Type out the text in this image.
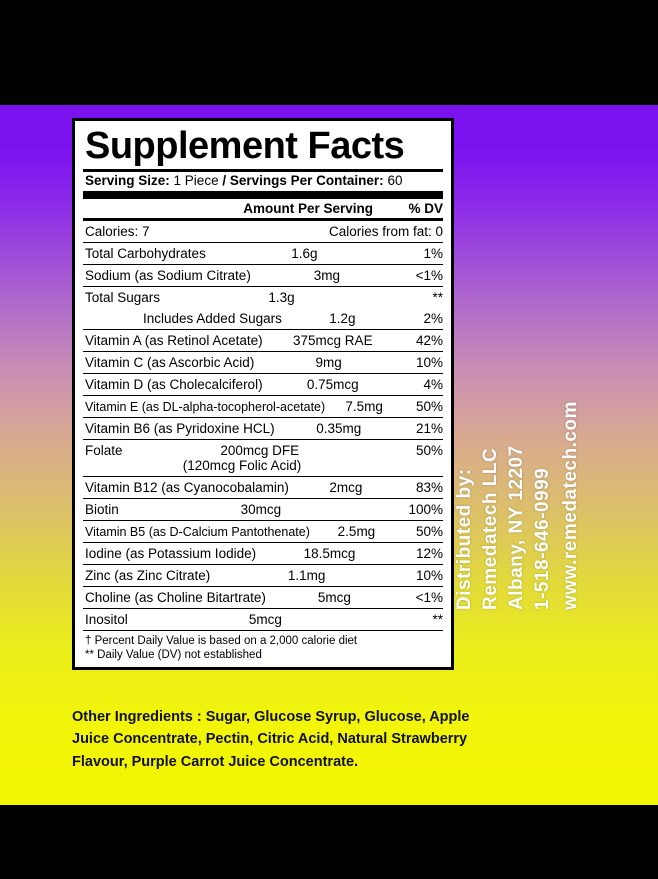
Supplement Facts
Serving Size: 1 Piece / Servings Per Container: 60
Amount Per Serving	% DV
Calories: 7	Calories from fat: 0
Total Carbohydrates	1.6g	1%
Sodium (as Sodium Citrate)	3mg	<1%
Total Sugars	1.3g	**
Includes Added Sugars	1.2g	2%
Vitamin A (as Retinol Acetate)	375mcg RAE	42%
Vitamin C (as Ascorbic Acid)	9mg	10%
Vitamin D (as Cholecalciferol)	0.75mcg	4%
Vitamin E (as DL-alpha-tocopherol-acetate)	7.5mg	50%
Vitamin B6 (as Pyridoxine HCL)	0.35mg	21%
Folate	200mcg DFE	50%
(120mcg Folic Acid)
Vitamin B12 (as Cyanocobalamin)	2mcg	83%
Biotin	30mcg	100%
Vitamin B5 (as D-Calcium Pantothenate)	2.5mg	50%
Iodine (as Potassium Iodide)	18.5mcg	12%
Zinc (as Zinc Citrate)	1.1mg	10%
Choline (as Choline Bitartrate)	5mcg	<1%
Inositol	5mcg	**
† Percent Daily Value is based on a 2,000 calorie diet
** Daily Value (DV) not established
Other Ingredients : Sugar, Glucose Syrup, Glucose, Apple Juice Concentrate, Pectin, Citric Acid, Natural Strawberry Flavour, Purple Carrot Juice Concentrate.
Distributed by: Remedatech LLC Albany, NY 12207 1-518-646-0999 www.remedatech.com
